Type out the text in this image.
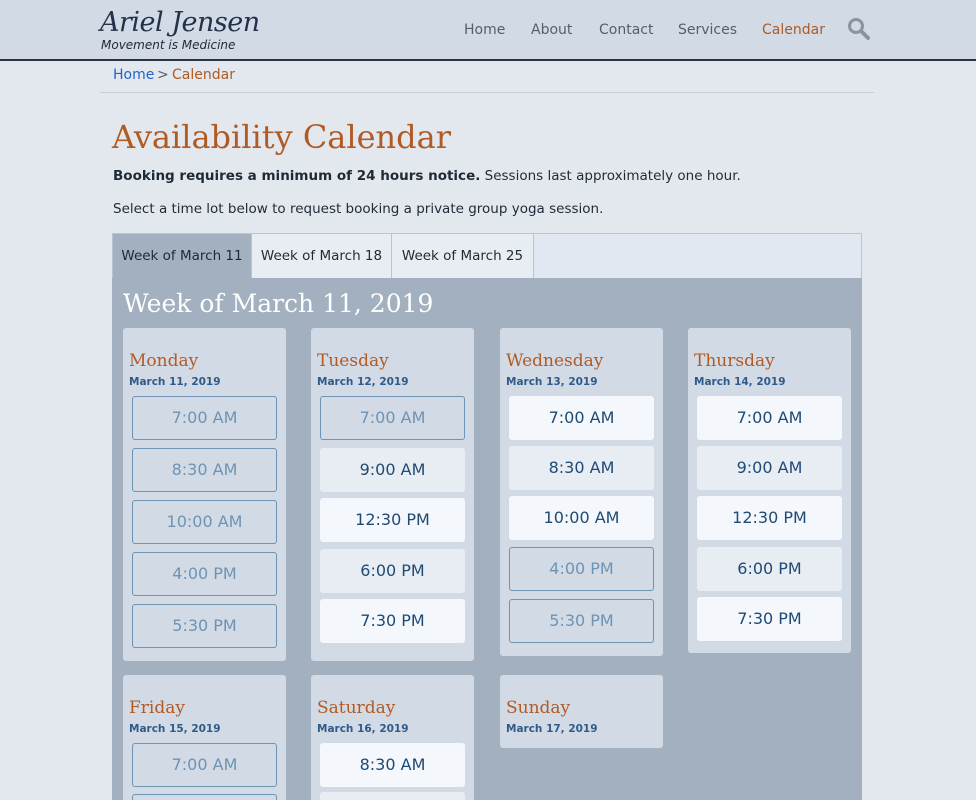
Ariel Jensen
Movement is Medicine
Home About Contact Services Calendar
Home > Calendar
Availability Calendar

Booking requires a minimum of 24 hours notice. Sessions last approximately one hour.

Select a time lot below to request booking a private group yoga session.

Week of March 11	Week of March 18	Week of March 25
Week of March 11, 2019
Monday
March 11, 2019
7:00 AM
8:30 AM
10:00 AM
4:00 PM
5:30 PM
Tuesday
March 12, 2019
7:00 AM
9:00 AM
12:30 PM
6:00 PM
7:30 PM
Wednesday
March 13, 2019
7:00 AM
8:30 AM
10:00 AM
4:00 PM
5:30 PM
Thursday
March 14, 2019
7:00 AM
9:00 AM
12:30 PM
6:00 PM
7:30 PM
Friday
March 15, 2019
7:00 AM
Saturday
March 16, 2019
8:30 AM
Sunday
March 17, 2019
